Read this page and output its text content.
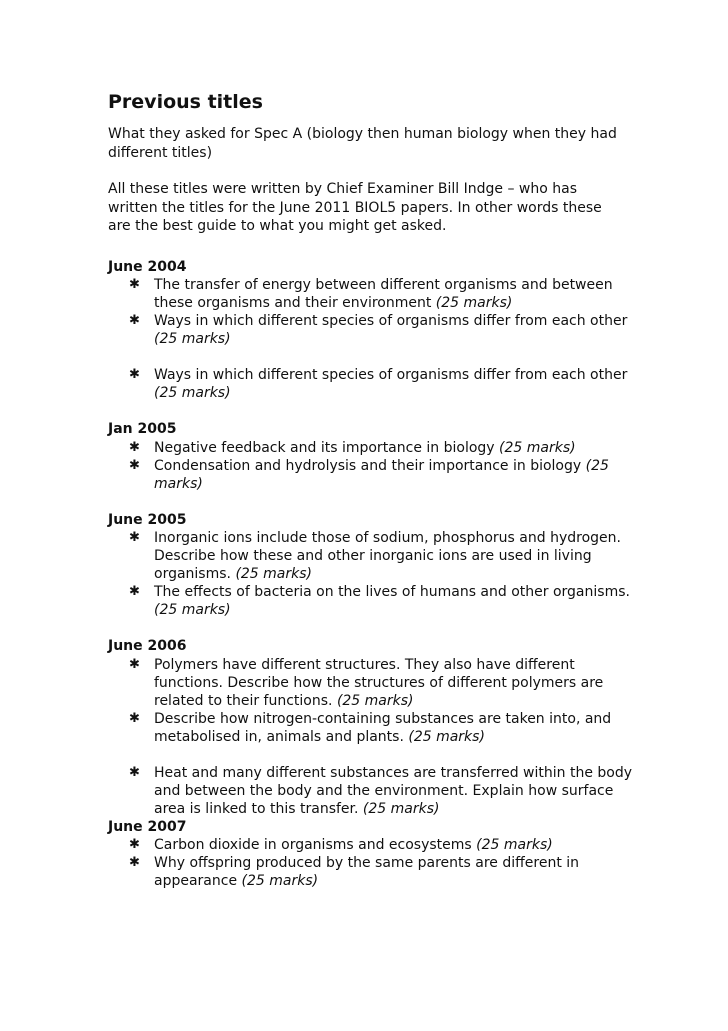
Previous titles

What they asked for Spec A (biology then human biology when they had different titles)

All these titles were written by Chief Examiner Bill Indge – who has written the titles for the June 2011 BIOL5 papers. In other words these are the best guide to what you might get asked.

June 2004
✱ The transfer of energy between different organisms and between these organisms and their environment (25 marks)
✱ Ways in which different species of organisms differ from each other (25 marks)
✱ Ways in which different species of organisms differ from each other (25 marks)
Jan 2005
✱ Negative feedback and its importance in biology (25 marks)
✱ Condensation and hydrolysis and their importance in biology (25 marks)
June 2005
✱ Inorganic ions include those of sodium, phosphorus and hydrogen. Describe how these and other inorganic ions are used in living organisms. (25 marks)
✱ The effects of bacteria on the lives of humans and other organisms. (25 marks)
June 2006
✱ Polymers have different structures. They also have different functions. Describe how the structures of different polymers are related to their functions. (25 marks)
✱ Describe how nitrogen-containing substances are taken into, and metabolised in, animals and plants. (25 marks)
✱ Heat and many different substances are transferred within the body and between the body and the environment. Explain how surface area is linked to this transfer. (25 marks)
June 2007
✱ Carbon dioxide in organisms and ecosystems (25 marks)
✱ Why offspring produced by the same parents are different in appearance (25 marks)
